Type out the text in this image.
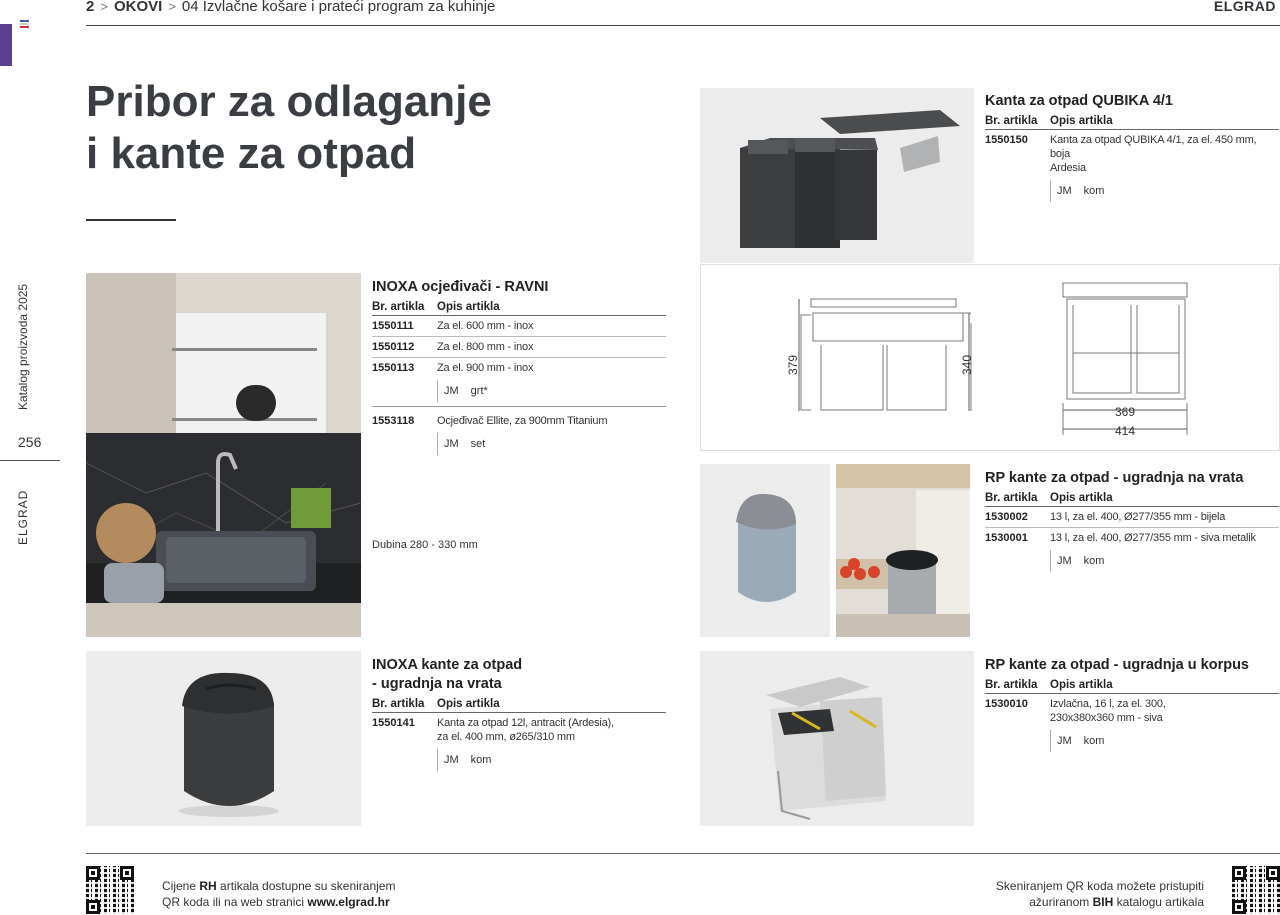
2 > OKOVI > 04 Izvlačne košare i prateći program za kuhinje	ELGRAD
Katalog proizvoda 2025
256
ELGRAD
Pribor za odlaganje
i kante za otpad
INOXA ocjeđivači - RAVNI
Br. artikla	Opis artikla
1550111	Za el. 600 mm - inox
1550112	Za el. 800 mm - inox
1550113	Za el. 900 mm - inox
JM grt*
1553118	Ocjeđivač Ellite, za 900mm Titanium
JM set
Dubina 280 - 330 mm
INOXA kante za otpad
- ugradnja na vrata
Br. artikla	Opis artikla
1550141	Kanta za otpad 12l, antracit (Ardesia),
za el. 400 mm, ø265/310 mm
JM kom
Kanta za otpad QUBIKA 4/1
Br. artikla	Opis artikla
1550150	Kanta za otpad QUBIKA 4/1, za el. 450 mm, boja
Ardesia
JM kom
379	340
369
414
RP kante za otpad - ugradnja na vrata
Br. artikla	Opis artikla
1530002	13 l, za el. 400, Ø277/355 mm - bijela
1530001	13 l, za el. 400, Ø277/355 mm - siva metalik
JM kom
RP kante za otpad - ugradnja u korpus
Br. artikla	Opis artikla
1530010	Izvlačna, 16 l, za el. 300,
230x380x360 mm - siva
JM kom
Cijene RH artikala dostupne su skeniranjem
QR koda ili na web stranici www.elgrad.hr
Skeniranjem QR koda možete pristupiti
ažuriranom BIH katalogu artikala
